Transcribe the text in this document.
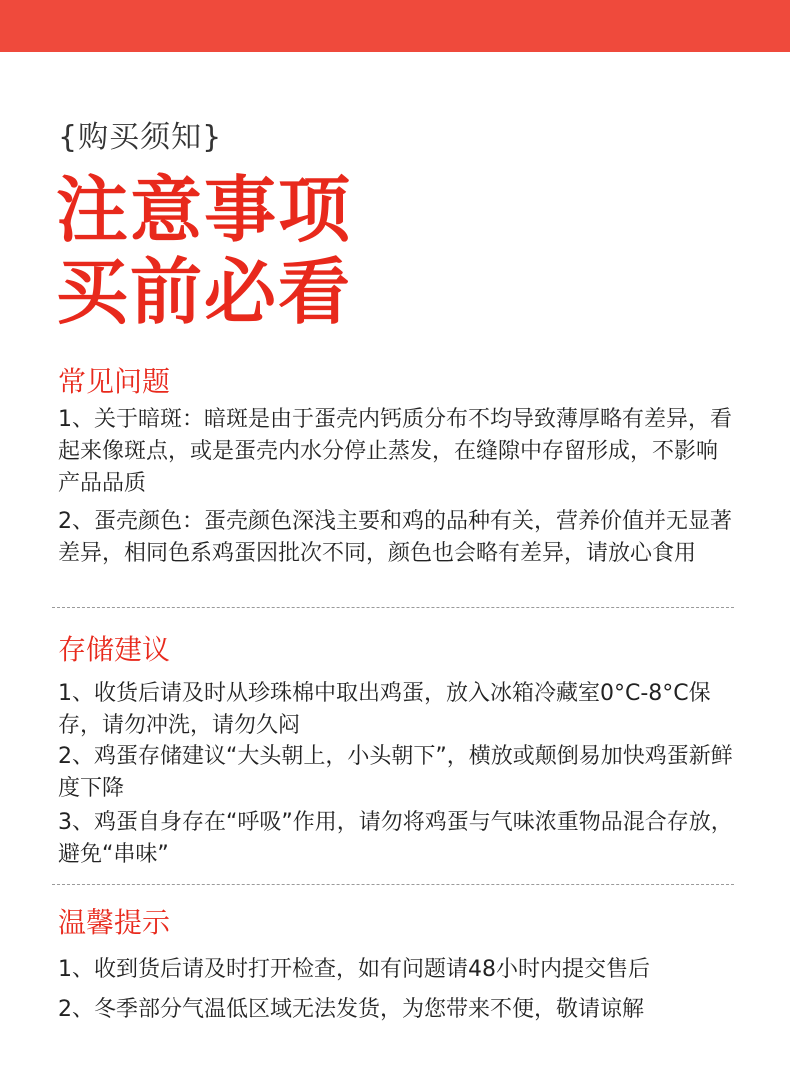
{购买须知}
注意事项
买前必看
常见问题
1、关于暗斑：暗斑是由于蛋壳内钙质分布不均导致薄厚略有差异，看起来像斑点，或是蛋壳内水分停止蒸发，在缝隙中存留形成，不影响产品品质
2、蛋壳颜色：蛋壳颜色深浅主要和鸡的品种有关，营养价值并无显著差异，相同色系鸡蛋因批次不同，颜色也会略有差异，请放心食用
存储建议
1、收货后请及时从珍珠棉中取出鸡蛋，放入冰箱冷藏室0°C-8°C保存，请勿冲洗，请勿久闷
2、鸡蛋存储建议“大头朝上，小头朝下”，横放或颠倒易加快鸡蛋新鲜度下降
3、鸡蛋自身存在“呼吸”作用，请勿将鸡蛋与气味浓重物品混合存放，避免“串味”
温馨提示
1、收到货后请及时打开检查，如有问题请48小时内提交售后
2、冬季部分气温低区域无法发货，为您带来不便，敬请谅解
